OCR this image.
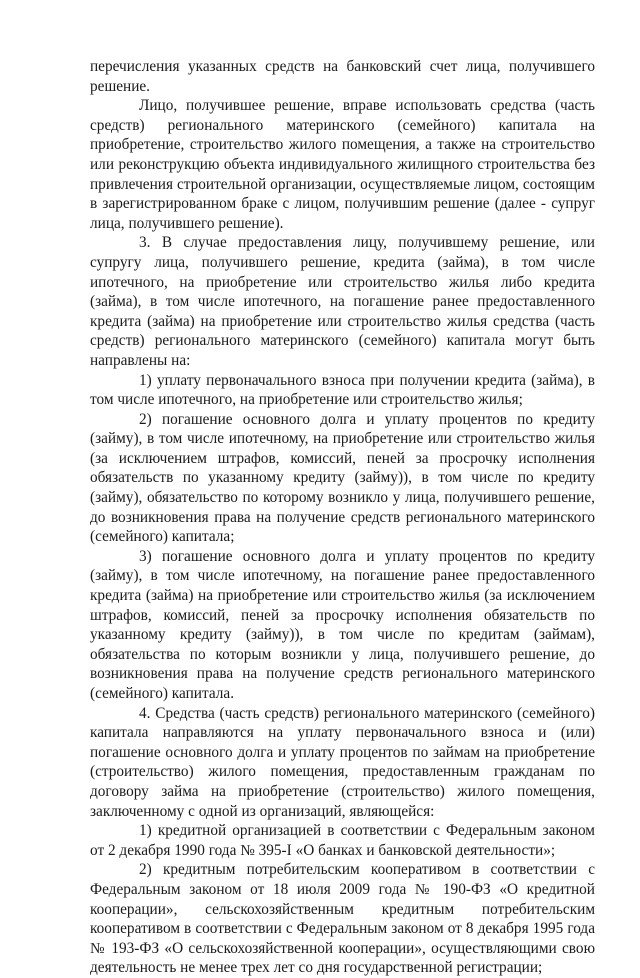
перечисления указанных средств на банковский счет лица, получившего решение.

Лицо, получившее решение, вправе использовать средства (часть средств) регионального материнского (семейного) капитала на приобретение, строительство жилого помещения, а также на строительство или реконструкцию объекта индивидуального жилищного строительства без привлечения строительной организации, осуществляемые лицом, состоящим в зарегистрированном браке с лицом, получившим решение (далее - супруг лица, получившего решение).

3. В случае предоставления лицу, получившему решение, или супругу лица, получившего решение, кредита (займа), в том числе ипотечного, на приобретение или строительство жилья либо кредита (займа), в том числе ипотечного, на погашение ранее предоставленного кредита (займа) на приобретение или строительство жилья средства (часть средств) регионального материнского (семейного) капитала могут быть направлены на:

1) уплату первоначального взноса при получении кредита (займа), в том числе ипотечного, на приобретение или строительство жилья;

2) погашение основного долга и уплату процентов по кредиту (займу), в том числе ипотечному, на приобретение или строительство жилья (за исключением штрафов, комиссий, пеней за просрочку исполнения обязательств по указанному кредиту (займу)), в том числе по кредиту (займу), обязательство по которому возникло у лица, получившего решение, до возникновения права на получение средств регионального материнского (семейного) капитала;

3) погашение основного долга и уплату процентов по кредиту (займу), в том числе ипотечному, на погашение ранее предоставленного кредита (займа) на приобретение или строительство жилья (за исключением штрафов, комиссий, пеней за просрочку исполнения обязательств по указанному кредиту (займу)), в том числе по кредитам (займам), обязательства по которым возникли у лица, получившего решение, до возникновения права на получение средств регионального материнского (семейного) капитала.

4. Средства (часть средств) регионального материнского (семейного) капитала направляются на уплату первоначального взноса и (или) погашение основного долга и уплату процентов по займам на приобретение (строительство) жилого помещения, предоставленным гражданам по договору займа на приобретение (строительство) жилого помещения, заключенному с одной из организаций, являющейся:

1) кредитной организацией в соответствии с Федеральным законом от 2 декабря 1990 года № 395-I «О банках и банковской деятельности»;

2) кредитным потребительским кооперативом в соответствии с Федеральным законом от 18 июля 2009 года № 190-ФЗ «О кредитной кооперации», сельскохозяйственным кредитным потребительским кооперативом в соответствии с Федеральным законом от 8 декабря 1995 года № 193-ФЗ «О сельскохозяйственной кооперации», осуществляющими свою деятельность не менее трех лет со дня государственной регистрации;
